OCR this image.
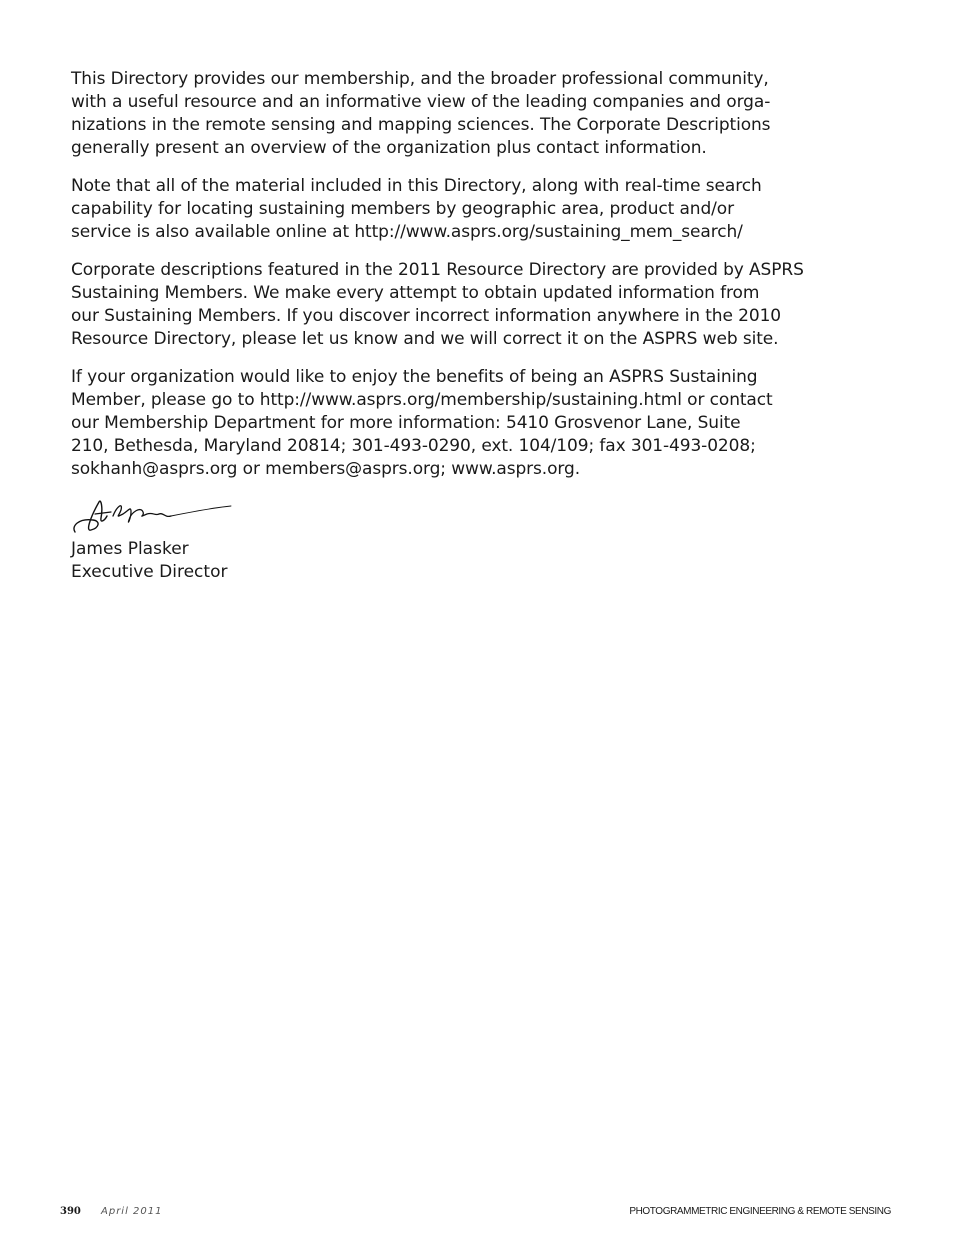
This Directory provides our membership, and the broader professional community,
with a useful resource and an informative view of the leading companies and orga-
nizations in the remote sensing and mapping sciences. The Corporate Descriptions
generally present an overview of the organization plus contact information.

Note that all of the material included in this Directory, along with real-time search
capability for locating sustaining members by geographic area, product and/or
service is also available online at http://www.asprs.org/sustaining_mem_search/

Corporate descriptions featured in the 2011 Resource Directory are provided by ASPRS
Sustaining Members. We make every attempt to obtain updated information from
our Sustaining Members. If you discover incorrect information anywhere in the 2010
Resource Directory, please let us know and we will correct it on the ASPRS web site.

If your organization would like to enjoy the benefits of being an ASPRS Sustaining
Member, please go to http://www.asprs.org/membership/sustaining.html or contact
our Membership Department for more information: 5410 Grosvenor Lane, Suite
210, Bethesda, Maryland 20814; 301-493-0290, ext. 104/109; fax 301-493-0208;
sokhanh@asprs.org or members@asprs.org; www.asprs.org.

James Plasker
Executive Director
390 April 2011	PHOTOGRAMMETRIC ENGINEERING & REMOTE SENSING
